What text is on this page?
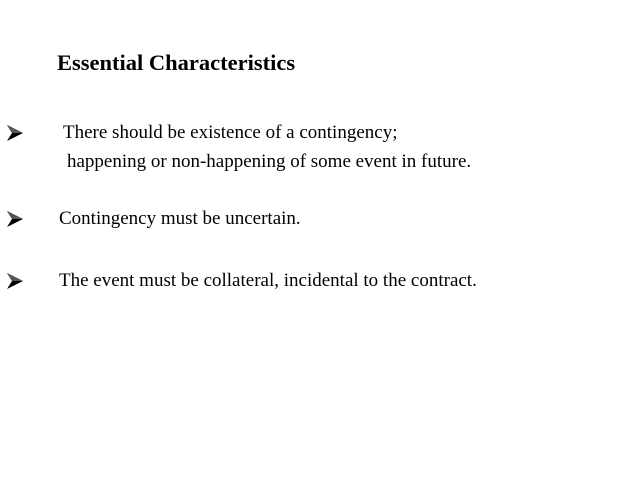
Essential Characteristics
There should be existence of a contingency;
happening or non-happening of some event in future.
Contingency must be uncertain.
The event must be collateral, incidental to the contract.
